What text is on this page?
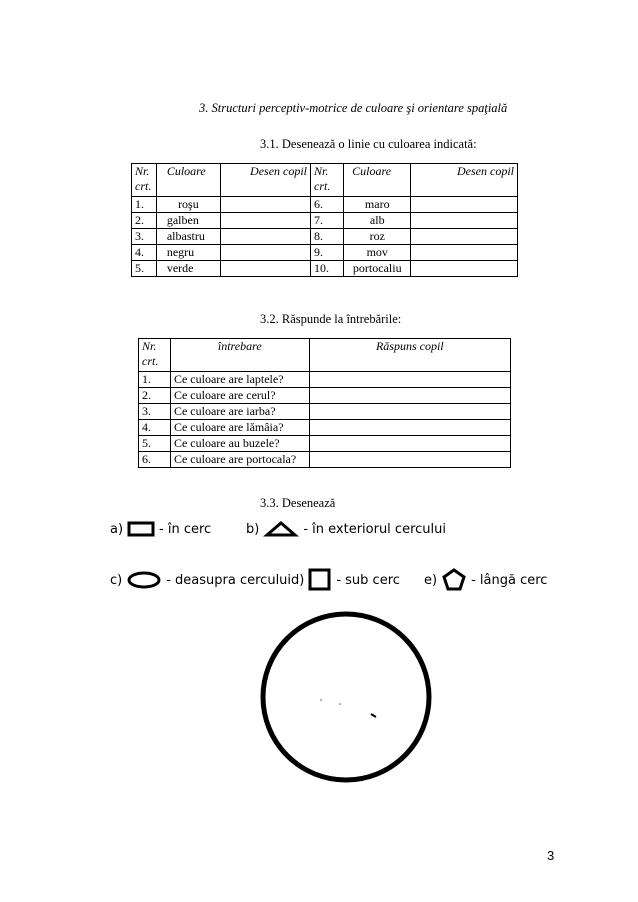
3. Structuri perceptiv-motrice de culoare şi orientare spaţială
3.1. Desenează o linie cu culoarea indicată:
Nr.
crt.	Culoare	Desen copil	Nr.
crt.	Culoare	Desen copil
1.	roşu		6.	maro	
2.	galben		7.	alb	
3.	albastru		8.	roz	
4.	negru		9.	mov	
5.	verde		10.	portocaliu	
3.2. Răspunde la întrebările:
Nr.
crt.	întrebare	Răspuns copil
1.	Ce culoare are laptele?	
2.	Ce culoare are cerul?	
3.	Ce culoare are iarba?	
4.	Ce culoare are lămâia?	
5.	Ce culoare au buzele?	
6.	Ce culoare are portocala?	
3.3. Desenează
a)	- în cerc	b)	- în exteriorul cercului
c)	- deasupra cercului d) - sub cerc e)	- lângă cerc
3
